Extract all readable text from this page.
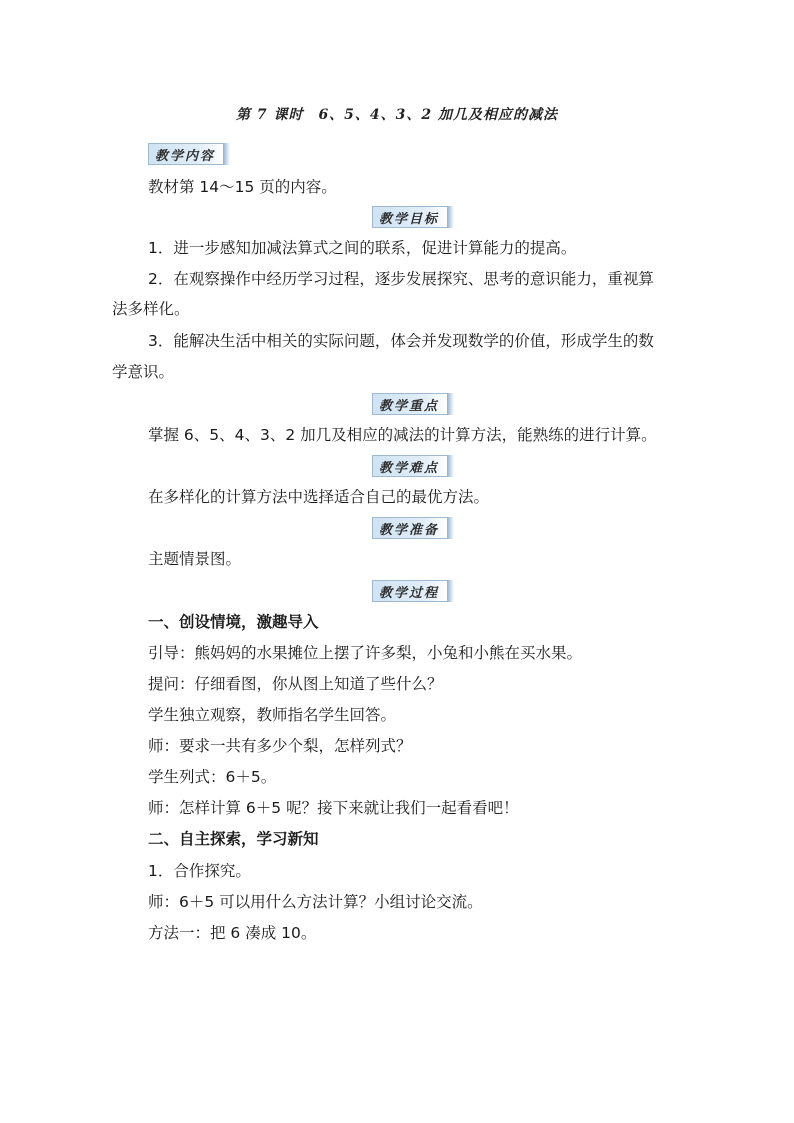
第 7 课时　6、5、4、3、2 加几及相应的减法
教学内容
教材第 14～15 页的内容。
教学目标
1．进一步感知加减法算式之间的联系，促进计算能力的提高。
2．在观察操作中经历学习过程，逐步发展探究、思考的意识能力，重视算
法多样化。
3．能解决生活中相关的实际问题，体会并发现数学的价值，形成学生的数
学意识。
教学重点
掌握 6、5、4、3、2 加几及相应的减法的计算方法，能熟练的进行计算。
教学难点
在多样化的计算方法中选择适合自己的最优方法。
教学准备
主题情景图。
教学过程
一、创设情境，激趣导入
引导：熊妈妈的水果摊位上摆了许多梨，小兔和小熊在买水果。
提问：仔细看图，你从图上知道了些什么？
学生独立观察，教师指名学生回答。
师：要求一共有多少个梨，怎样列式？
学生列式：6＋5。
师：怎样计算 6＋5 呢？接下来就让我们一起看看吧！
二、自主探索，学习新知
1．合作探究。
师：6＋5 可以用什么方法计算？小组讨论交流。
方法一：把 6 凑成 10。
